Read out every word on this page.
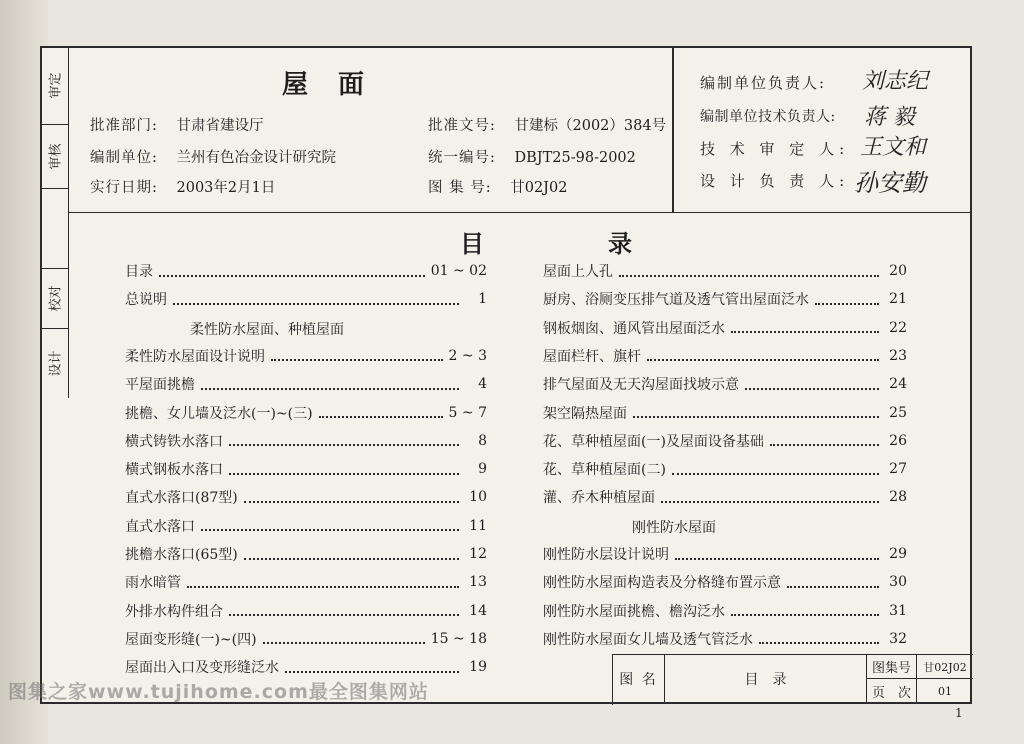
审定
审核
校对
设计
屋　面
批准部门: 甘肃省建设厅
编制单位: 兰州有色冶金设计研究院
实行日期: 2003年2月1日
批准文号: 甘建标（2002）384号
统一编号: DBJT25-98-2002
图 集 号: 甘02J02
编制单位负责人: 刘志纪
编制单位技术负责人: 蒋 毅
技 术 审 定 人: 王文和
设 计 负 责 人: 孙安勤
目　录
目录	01 ~ 02
总说明	1
柔性防水屋面、种植屋面
柔性防水屋面设计说明	2 ~ 3
平屋面挑檐	4
挑檐、女儿墙及泛水(一)~(三)	5 ~ 7
横式铸铁水落口	8
横式钢板水落口	9
直式水落口(87型)	10
直式水落口	11
挑檐水落口(65型)	12
雨水暗管	13
外排水构件组合	14
屋面变形缝(一)~(四)	15 ~ 18
屋面出入口及变形缝泛水	19
屋面上人孔	20
厨房、浴厕变压排气道及透气管出屋面泛水	21
钢板烟囱、通风管出屋面泛水	22
屋面栏杆、旗杆	23
排气屋面及无天沟屋面找坡示意	24
架空隔热屋面	25
花、草种植屋面(一)及屋面设备基础	26
花、草种植屋面(二)	27
灌、乔木种植屋面	28
刚性防水屋面
刚性防水层设计说明	29
刚性防水屋面构造表及分格缝布置示意	30
刚性防水屋面挑檐、檐沟泛水	31
刚性防水屋面女儿墙及透气管泛水	32
图 名	目　录
图集号	甘02J02
页　次	01
图集之家www.tujihome.com最全图集网站
1
